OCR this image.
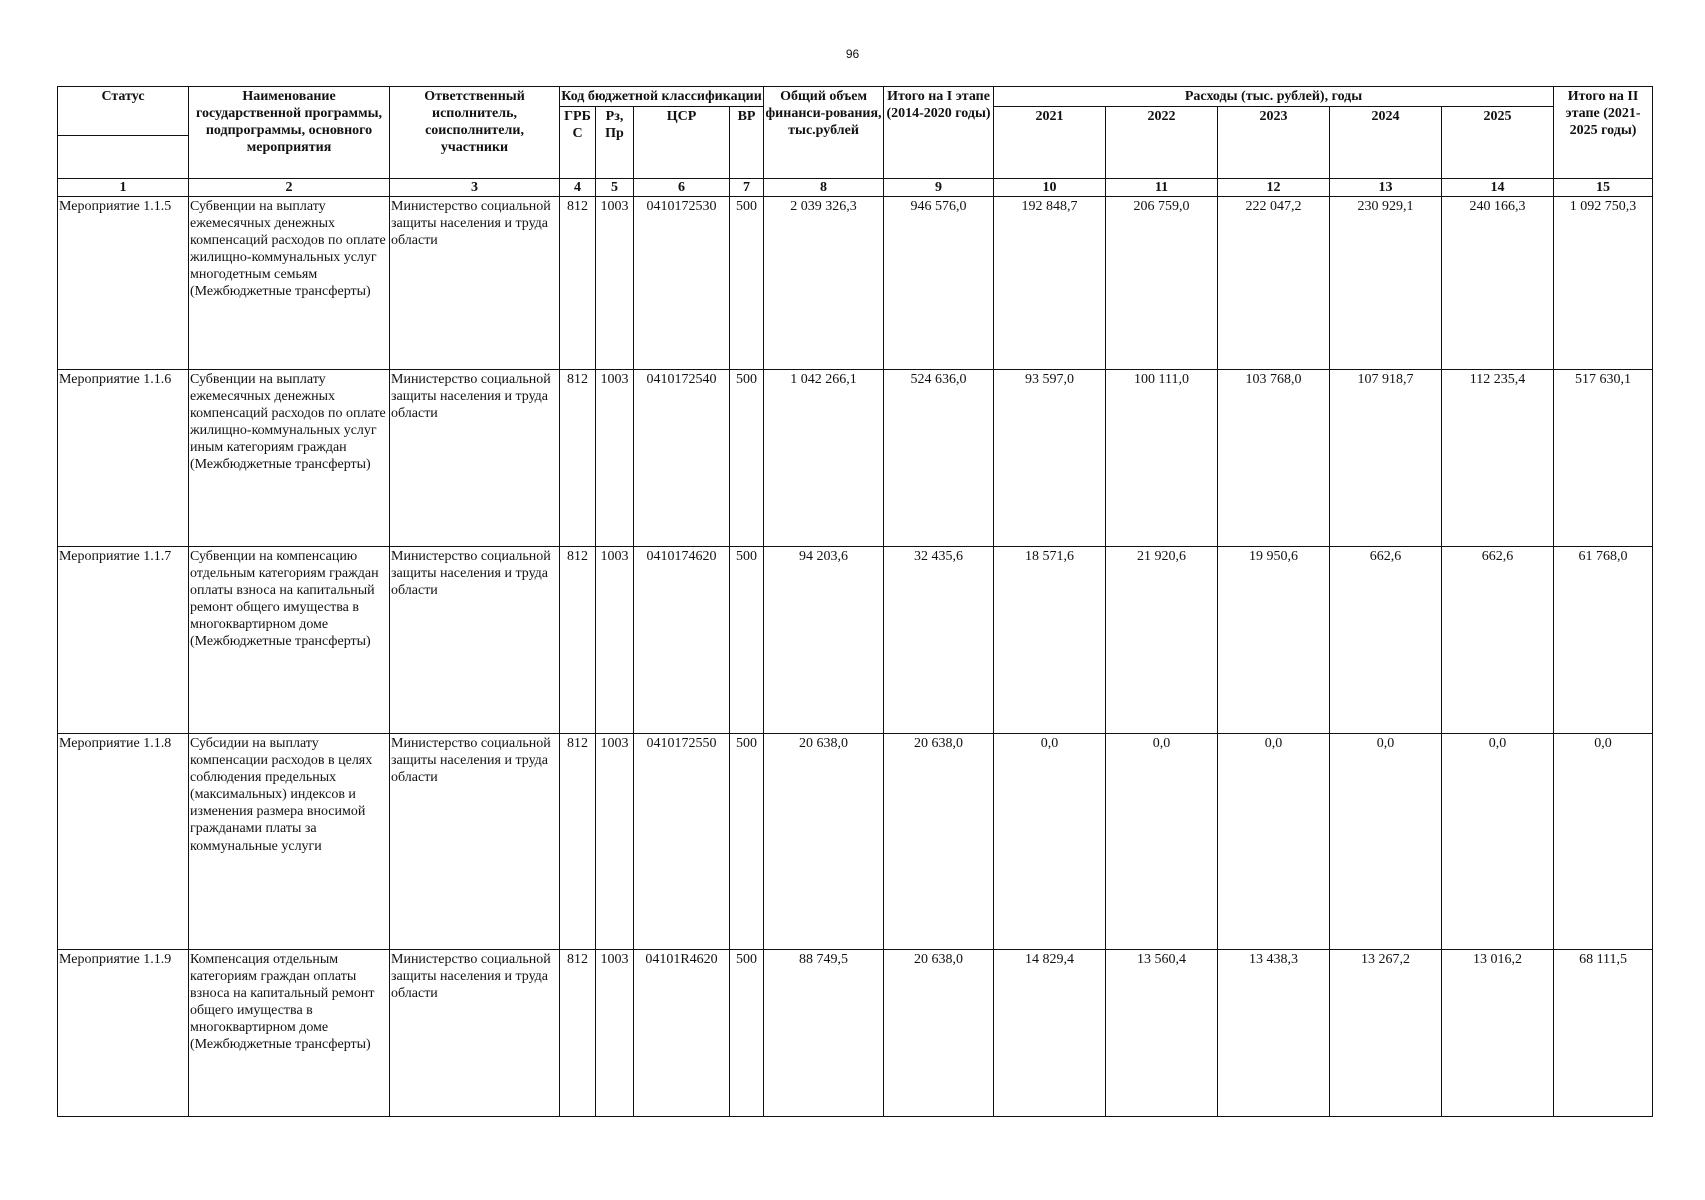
96
Статус	Наименование государственной программы, подпрограммы, основного мероприятия	Ответственный исполнитель, соисполнители, участники	Код бюджетной классификации				Общий объем финанси-рования, тыс.рублей	Итого на I этапе (2014-2020 годы)	Расходы (тыс. рублей), годы					Итого на II этапе (2021-2025 годы)
			ГРБ С	Рз, Пр	ЦСР	ВР			2021	2022	2023	2024	2025	

1	2	3	4	5	6	7	8	9	10	11	12	13	14	15
Мероприятие 1.1.5	Субвенции на выплату ежемесячных денежных компенсаций расходов по оплате жилищно-коммунальных услуг многодетным семьям (Межбюджетные трансферты)	Министерство социальной защиты населения и труда области	812	1003	0410172530	500	2 039 326,3	946 576,0	192 848,7	206 759,0	222 047,2	230 929,1	240 166,3	1 092 750,3
Мероприятие 1.1.6	Субвенции на выплату ежемесячных денежных компенсаций расходов по оплате жилищно-коммунальных услуг иным категориям граждан (Межбюджетные трансферты)	Министерство социальной защиты населения и труда области	812	1003	0410172540	500	1 042 266,1	524 636,0	93 597,0	100 111,0	103 768,0	107 918,7	112 235,4	517 630,1
Мероприятие 1.1.7	Субвенции на компенсацию отдельным категориям граждан оплаты взноса на капитальный ремонт общего имущества в многоквартирном доме (Межбюджетные трансферты)	Министерство социальной защиты населения и труда области	812	1003	0410174620	500	94 203,6	32 435,6	18 571,6	21 920,6	19 950,6	662,6	662,6	61 768,0
Мероприятие 1.1.8	Субсидии на выплату компенсации расходов в целях соблюдения предельных (максимальных) индексов и изменения размера вносимой гражданами платы за коммунальные услуги	Министерство социальной защиты населения и труда области	812	1003	0410172550	500	20 638,0	20 638,0	0,0	0,0	0,0	0,0	0,0	0,0
Мероприятие 1.1.9	Компенсация отдельным категориям граждан оплаты взноса на капитальный ремонт общего имущества в многоквартирном доме (Межбюджетные трансферты)	Министерство социальной защиты населения и труда области	812	1003	04101R4620	500	88 749,5	20 638,0	14 829,4	13 560,4	13 438,3	13 267,2	13 016,2	68 111,5
